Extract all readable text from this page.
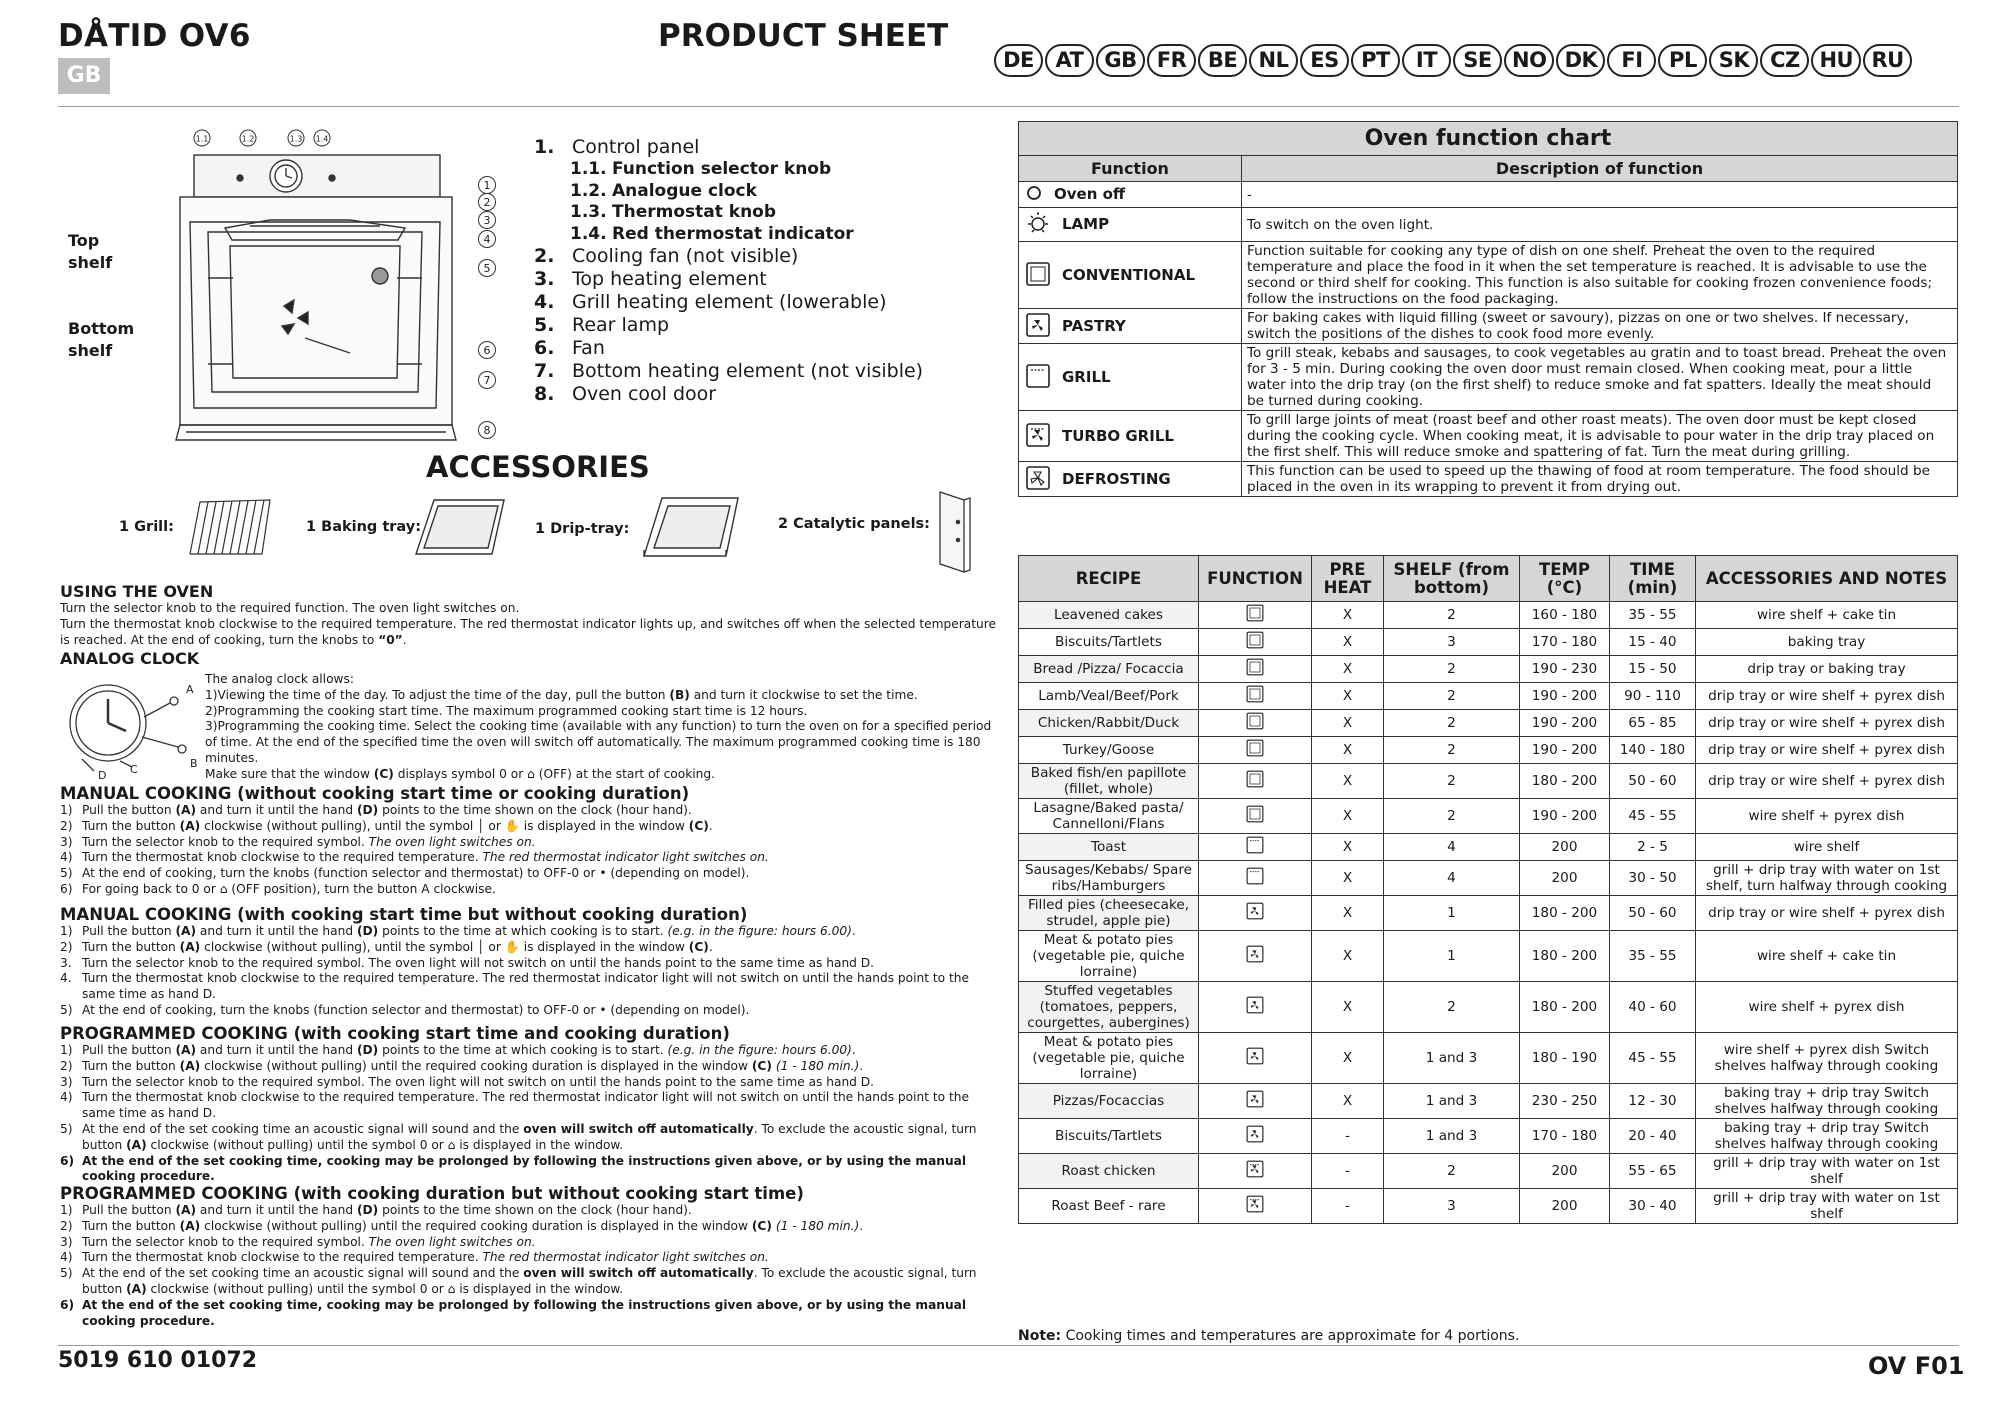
DÅTID OV6
GB
PRODUCT SHEET
DE	AT GB FR	BE	NL	ES	PT	IT	SE NO DK	FI	PL	SK CZ HU RU
1.1	1.2	1.3 1.4
1
2
3
4
5
6
7
8
Top shelf
Bottom shelf
1. Control panel
1.1. Function selector knob
1.2. Analogue clock
1.3. Thermostat knob
1.4. Red thermostat indicator
2. Cooling fan (not visible)
3. Top heating element
4. Grill heating element (lowerable)
5. Rear lamp
6. Fan
7. Bottom heating element (not visible)
8. Oven cool door
ACCESSORIES
1 Grill:	1 Baking tray:	1 Drip-tray:	2 Catalytic panels:
USING THE OVEN
Turn the selector knob to the required function. The oven light switches on.
Turn the thermostat knob clockwise to the required temperature. The red thermostat indicator lights up, and switches off when the selected temperature is reached. At the end of cooking, turn the knobs to “0”.
ANALOG CLOCK
A
B
C
D
The analog clock allows:
1)Viewing the time of the day. To adjust the time of the day, pull the button (B) and turn it clockwise to set the time.
2)Programming the cooking start time. The maximum programmed cooking start time is 12 hours.
3)Programming the cooking time. Select the cooking time (available with any function) to turn the oven on for a specified period of time. At the end of the specified time the oven will switch off automatically. The maximum programmed cooking time is 180 minutes.
Make sure that the window (C) displays symbol 0 or ⌂ (OFF) at the start of cooking.
MANUAL COOKING (without cooking start time or cooking duration)
1) Pull the button (A) and turn it until the hand (D) points to the time shown on the clock (hour hand).
2) Turn the button (A) clockwise (without pulling), until the symbol │ or ✋ is displayed in the window (C).
3) Turn the selector knob to the required symbol. The oven light switches on.
4) Turn the thermostat knob clockwise to the required temperature. The red thermostat indicator light switches on.
5) At the end of cooking, turn the knobs (function selector and thermostat) to OFF-0 or • (depending on model).
6) For going back to 0 or ⌂ (OFF position), turn the button A clockwise.
MANUAL COOKING (with cooking start time but without cooking duration)
1) Pull the button (A) and turn it until the hand (D) points to the time at which cooking is to start. (e.g. in the figure: hours 6.00).
2) Turn the button (A) clockwise (without pulling), until the symbol │ or ✋ is displayed in the window (C).
3. Turn the selector knob to the required symbol. The oven light will not switch on until the hands point to the same time as hand D.
4. Turn the thermostat knob clockwise to the required temperature. The red thermostat indicator light will not switch on until the hands point to the same time as hand D.
5) At the end of cooking, turn the knobs (function selector and thermostat) to OFF-0 or • (depending on model).
PROGRAMMED COOKING (with cooking start time and cooking duration)
1) Pull the button (A) and turn it until the hand (D) points to the time at which cooking is to start. (e.g. in the figure: hours 6.00).
2) Turn the button (A) clockwise (without pulling) until the required cooking duration is displayed in the window (C) (1 - 180 min.).
3) Turn the selector knob to the required symbol. The oven light will not switch on until the hands point to the same time as hand D.
4) Turn the thermostat knob clockwise to the required temperature. The red thermostat indicator light will not switch on until the hands point to the same time as hand D.
5) At the end of the set cooking time an acoustic signal will sound and the oven will switch off automatically. To exclude the acoustic signal, turn button (A) clockwise (without pulling) until the symbol 0 or ⌂ is displayed in the window.
6) At the end of the set cooking time, cooking may be prolonged by following the instructions given above, or by using the manual cooking procedure.
PROGRAMMED COOKING (with cooking duration but without cooking start time)
1) Pull the button (A) and turn it until the hand (D) points to the time shown on the clock (hour hand).
2) Turn the button (A) clockwise (without pulling) until the required cooking duration is displayed in the window (C) (1 - 180 min.).
3) Turn the selector knob to the required symbol. The oven light switches on.
4) Turn the thermostat knob clockwise to the required temperature. The red thermostat indicator light switches on.
5) At the end of the set cooking time an acoustic signal will sound and the oven will switch off automatically. To exclude the acoustic signal, turn button (A) clockwise (without pulling) until the symbol 0 or ⌂ is displayed in the window.
6) At the end of the set cooking time, cooking may be prolonged by following the instructions given above, or by using the manual cooking procedure.
Oven function chart	
Function	Description of function
Oven off	-
LAMP	To switch on the oven light.
CONVENTIONAL	Function suitable for cooking any type of dish on one shelf. Preheat the oven to the required temperature and place the food in it when the set temperature is reached. It is advisable to use the second or third shelf for cooking. This function is also suitable for cooking frozen convenience foods; follow the instructions on the food packaging.
PASTRY	For baking cakes with liquid filling (sweet or savoury), pizzas on one or two shelves. If necessary, switch the positions of the dishes to cook food more evenly.
GRILL	To grill steak, kebabs and sausages, to cook vegetables au gratin and to toast bread. Preheat the oven for 3 - 5 min. During cooking the oven door must remain closed. When cooking meat, pour a little water into the drip tray (on the first shelf) to reduce smoke and fat spatters. Ideally the meat should be turned during cooking.
TURBO GRILL	To grill large joints of meat (roast beef and other roast meats). The oven door must be kept closed during the cooking cycle. When cooking meat, it is advisable to pour water in the drip tray placed on the first shelf. This will reduce smoke and spattering of fat. Turn the meat during grilling.
DEFROSTING	This function can be used to speed up the thawing of food at room temperature. The food should be placed in the oven in its wrapping to prevent it from drying out.
RECIPE	FUNCTION	PRE HEAT	SHELF (from bottom)	TEMP (°C)	TIME (min)	ACCESSORIES AND NOTES
Leavened cakes		X	2	160 - 180	35 - 55	wire shelf + cake tin
Biscuits/Tartlets		X	3	170 - 180	15 - 40	baking tray
Bread /Pizza/ Focaccia		X	2	190 - 230	15 - 50	drip tray or baking tray
Lamb/Veal/Beef/Pork		X	2	190 - 200	90 - 110	drip tray or wire shelf + pyrex dish
Chicken/Rabbit/Duck		X	2	190 - 200	65 - 85	drip tray or wire shelf + pyrex dish
Turkey/Goose		X	2	190 - 200	140 - 180	drip tray or wire shelf + pyrex dish
Baked fish/en papillote (fillet, whole)		X	2	180 - 200	50 - 60	drip tray or wire shelf + pyrex dish
Lasagne/Baked pasta/ Cannelloni/Flans		X	2	190 - 200	45 - 55	wire shelf + pyrex dish
Toast		X	4	200	2 - 5	wire shelf
Sausages/Kebabs/ Spare ribs/Hamburgers		X	4	200	30 - 50	grill + drip tray with water on 1st shelf, turn halfway through cooking
Filled pies (cheesecake, strudel, apple pie)		X	1	180 - 200	50 - 60	drip tray or wire shelf + pyrex dish
Meat & potato pies (vegetable pie, quiche lorraine)		X	1	180 - 200	35 - 55	wire shelf + cake tin
Stuffed vegetables (tomatoes, peppers, courgettes, aubergines)		X	2	180 - 200	40 - 60	wire shelf + pyrex dish
Meat & potato pies (vegetable pie, quiche lorraine)		X	1 and 3	180 - 190	45 - 55	wire shelf + pyrex dish Switch shelves halfway through cooking
Pizzas/Focaccias		X	1 and 3	230 - 250	12 - 30	baking tray + drip tray Switch shelves halfway through cooking
Biscuits/Tartlets		-	1 and 3	170 - 180	20 - 40	baking tray + drip tray Switch shelves halfway through cooking
Roast chicken		-	2	200	55 - 65	grill + drip tray with water on 1st shelf
Roast Beef - rare		-	3	200	30 - 40	grill + drip tray with water on 1st shelf
Note: Cooking times and temperatures are approximate for 4 portions.
5019 610 01072	OV F01
